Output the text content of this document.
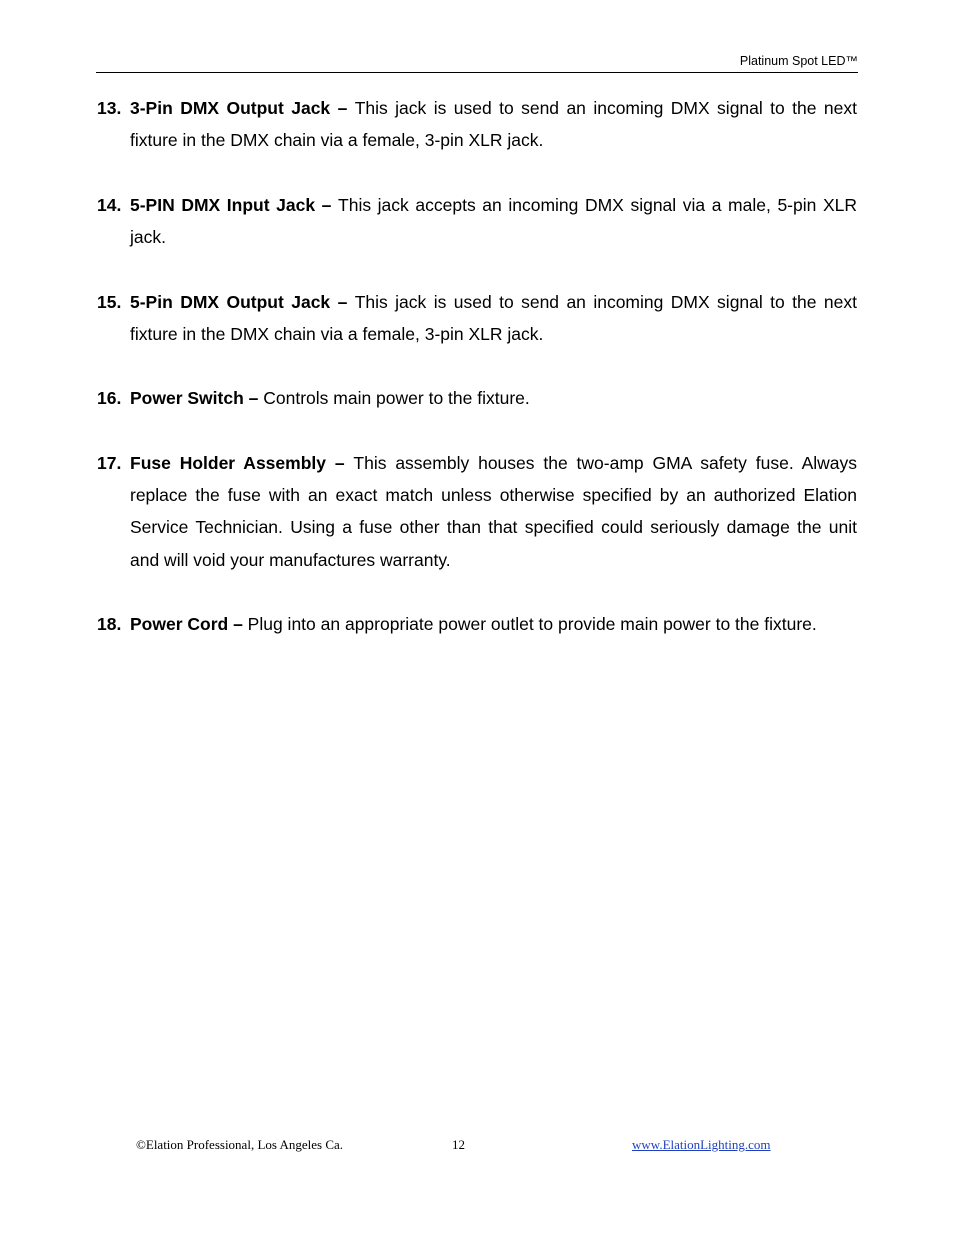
Platinum Spot LED™
13. 3-Pin DMX Output Jack – This jack is used to send an incoming DMX signal to the next fixture in the DMX chain via a female, 3-pin XLR jack.
14. 5-PIN DMX Input Jack – This jack accepts an incoming DMX signal via a male, 5-pin XLR jack.
15. 5-Pin DMX Output Jack – This jack is used to send an incoming DMX signal to the next fixture in the DMX chain via a female, 3-pin XLR jack.
16. Power Switch – Controls main power to the fixture.
17. Fuse Holder Assembly – This assembly houses the two-amp GMA safety fuse. Always replace the fuse with an exact match unless otherwise specified by an authorized Elation Service Technician. Using a fuse other than that specified could seriously damage the unit and will void your manufactures warranty.
18. Power Cord – Plug into an appropriate power outlet to provide main power to the fixture.
©Elation Professional, Los Angeles Ca.	12	www.ElationLighting.com
